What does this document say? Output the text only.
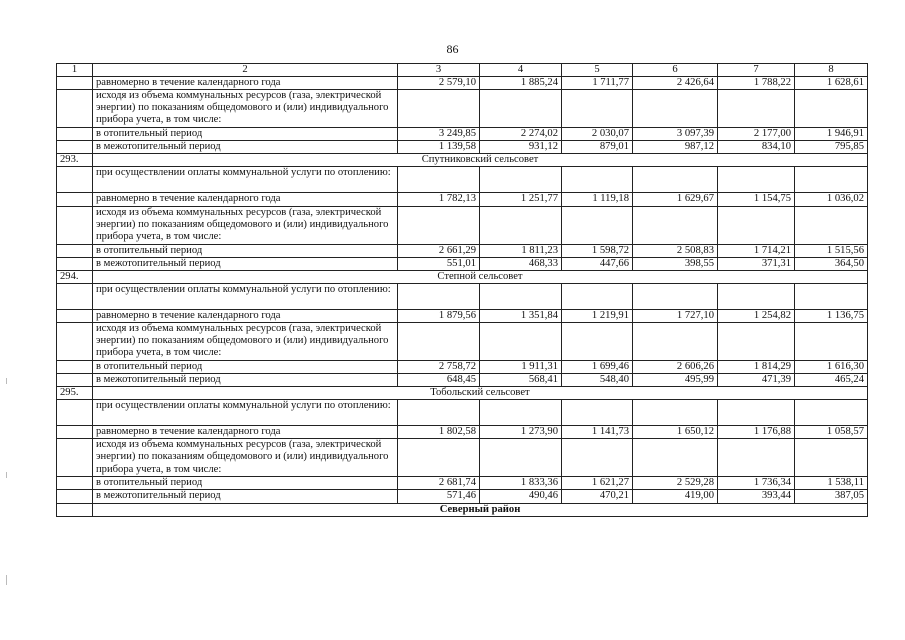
86
1	2	3	4	5	6	7	8
	равномерно в течение календарного года	2 579,10	1 885,24	1 711,77	2 426,64	1 788,22	1 628,61
	исходя из объема коммунальных ресурсов (газа, электрической энергии) по показаниям общедомового и (или) индивидуального прибора учета, в том числе:						
	в отопительный период	3 249,85	2 274,02	2 030,07	3 097,39	2 177,00	1 946,91
	в межотопительный период	1 139,58	931,12	879,01	987,12	834,10	795,85
293.	Спутниковский сельсовет						
	при осуществлении оплаты коммунальной услуги по отоплению:						
	равномерно в течение календарного года	1 782,13	1 251,77	1 119,18	1 629,67	1 154,75	1 036,02
	исходя из объема коммунальных ресурсов (газа, электрической энергии) по показаниям общедомового и (или) индивидуального прибора учета, в том числе:						
	в отопительный период	2 661,29	1 811,23	1 598,72	2 508,83	1 714,21	1 515,56
	в межотопительный период	551,01	468,33	447,66	398,55	371,31	364,50
294.	Степной сельсовет						
	при осуществлении оплаты коммунальной услуги по отоплению:						
	равномерно в течение календарного года	1 879,56	1 351,84	1 219,91	1 727,10	1 254,82	1 136,75
	исходя из объема коммунальных ресурсов (газа, электрической энергии) по показаниям общедомового и (или) индивидуального прибора учета, в том числе:						
	в отопительный период	2 758,72	1 911,31	1 699,46	2 606,26	1 814,29	1 616,30
	в межотопительный период	648,45	568,41	548,40	495,99	471,39	465,24
295.	Тобольский сельсовет						
	при осуществлении оплаты коммунальной услуги по отоплению:						
	равномерно в течение календарного года	1 802,58	1 273,90	1 141,73	1 650,12	1 176,88	1 058,57
	исходя из объема коммунальных ресурсов (газа, электрической энергии) по показаниям общедомового и (или) индивидуального прибора учета, в том числе:						
	в отопительный период	2 681,74	1 833,36	1 621,27	2 529,28	1 736,34	1 538,11
	в межотопительный период	571,46	490,46	470,21	419,00	393,44	387,05
	Северный район						
